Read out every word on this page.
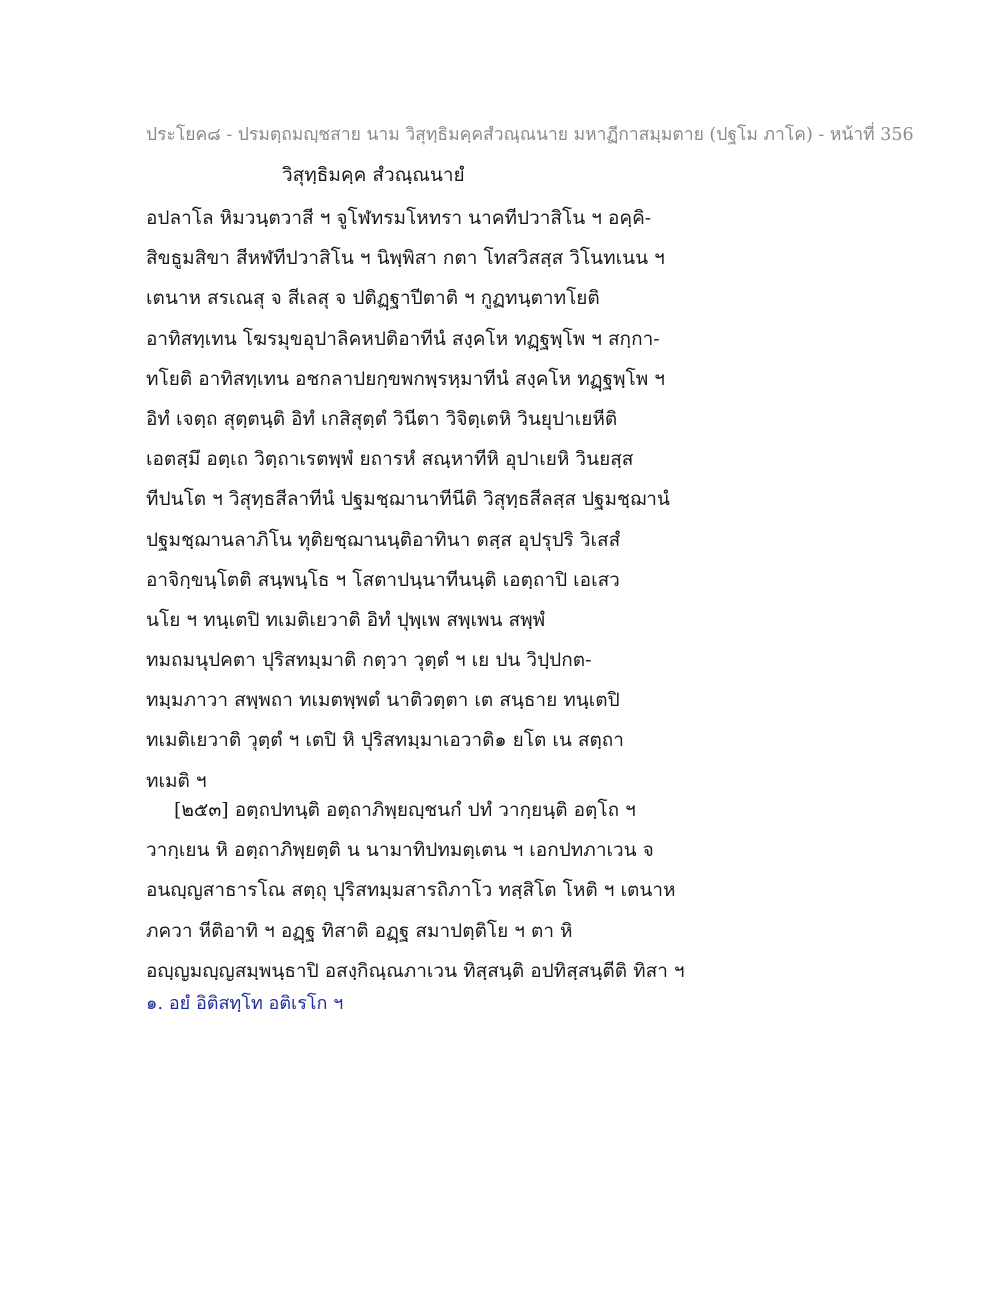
ประโยค๘ - ปรมตฺถมญฺชสาย นาม วิสุทฺธิมคฺคสํวณฺณนาย มหาฏีกาสมฺมตาย (ปฐโม ภาโค) - หน้าที่ 356
วิสุทฺธิมคฺค สํวณฺณนายํ
อปลาโล หิมวนฺตวาสี ฯ จูโฬทรมโหทรา นาคทีปวาสิโน ฯ อคฺคิ-
สิขธูมสิขา สีหฬทีปวาสิโน ฯ นิพฺพิสา กตา โทสวิสสฺส วิโนทเนน ฯ
เตนาห สรเณสุ จ สีเลสุ จ ปติฏฺฐาปีตาติ ฯ กูฏทนฺตาทโยติ
อาทิสทฺเทน โฆรมุขอุปาลิคหปติอาทีนํ สงฺคโห ทฏฺฐพฺโพ ฯ สกฺกา-
ทโยติ อาทิสทฺเทน อชกลาปยกฺขพกพฺรหฺมาทีนํ สงฺคโห ทฏฺฐพฺโพ ฯ
อิทํ เจตฺถ สุตฺตนฺติ อิทํ เกสิสุตฺตํ วินีตา วิจิตฺเตหิ วินยุปาเยหีติ
เอตสฺมึ อตฺเถ วิตฺถาเรตพฺพํ ยถารหํ สณฺหาทีหิ อุปาเยหิ วินยสฺส
ทีปนโต ฯ วิสุทฺธสีลาทีนํ ปฐมชฺฌานาทีนีติ วิสุทฺธสีลสฺส ปฐมชฺฌานํ
ปฐมชฺฌานลาภิโน ทุติยชฺฌานนฺติอาทินา ตสฺส อุปรุปริ วิเสสํ
อาจิกฺขนฺโตติ สนฺพนฺโธ ฯ โสตาปนฺนาทีนนฺติ เอตฺถาปิ เอเสว
นโย ฯ ทนฺเตปิ ทเมติเยวาติ อิทํ ปุพฺเพ สพฺเพน สพฺพํ
ทมถมนุปคตา ปุริสทมฺมาติ กตฺวา วุตฺตํ ฯ เย ปน วิปฺปกต-
ทมฺมภาวา สพฺพถา ทเมตพฺพตํ นาติวตฺตา เต สนฺธาย ทนฺเตปิ
ทเมติเยวาติ วุตฺตํ ฯ เตปิ หิ ปุริสทมฺมาเอวาติ๑ ยโต เน สตฺถา
ทเมติ ฯ
[๒๕๓] อตฺถปทนฺติ อตฺถาภิพฺยญฺชนกํ ปทํ วากฺยนฺติ อตฺโถ ฯ
วากฺเยน หิ อตฺถาภิพฺยตฺติ น นามาทิปทมตฺเตน ฯ เอกปทภาเวน จ
อนญฺญสาธารโณ สตฺถุ ปุริสทมฺมสารถิภาโว ทสฺสิโต โหติ ฯ เตนาห
ภควา หีติอาทิ ฯ อฏฺฐ ทิสาติ อฏฺฐ สมาปตฺติโย ฯ ตา หิ
อญฺญมญฺญสมฺพนฺธาปิ อสงฺกิณฺณภาเวน ทิสฺสนฺติ อปทิสฺสนฺตีติ ทิสา ฯ
๑. อยํ อิติสทฺโท อติเรโก ฯ
